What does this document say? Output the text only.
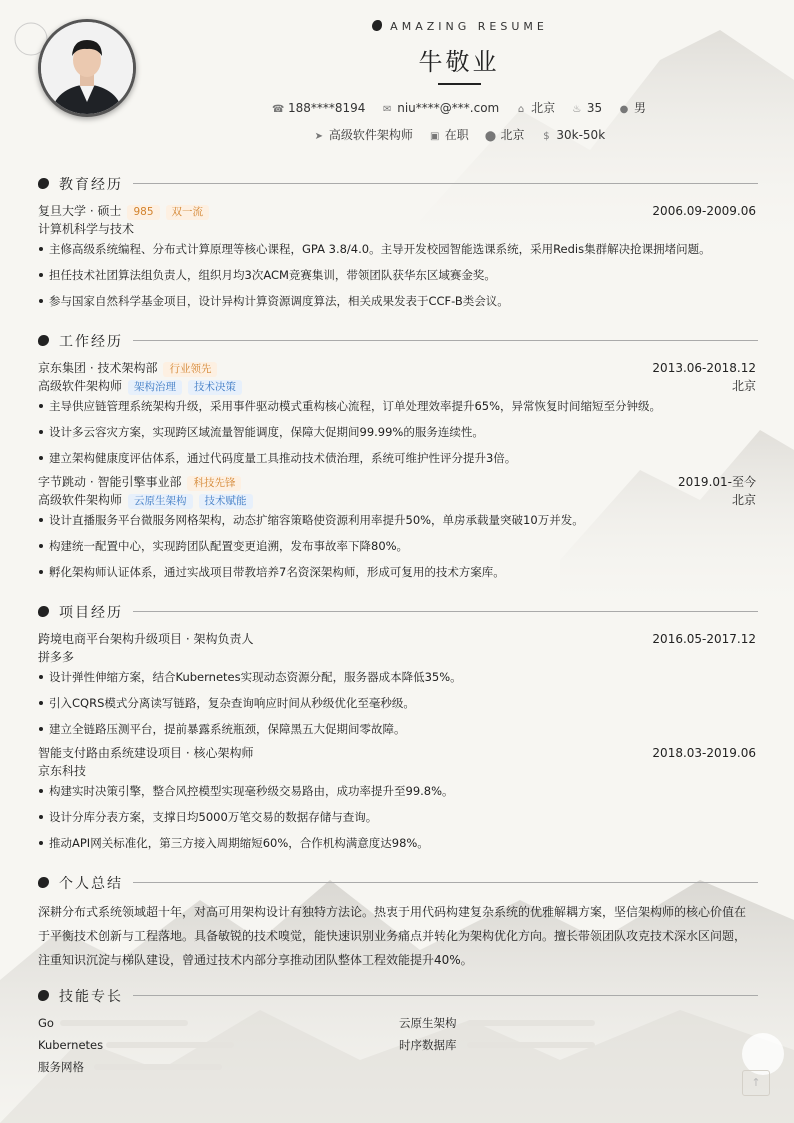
AMAZING RESUME
牛敬业
☎ 188****8194 ✉ niu****@***.com ⌂ 北京 ♨ 35 ● 男
➤ 高级软件架构师 ▣ 在职 ⬤ 北京 $ 30k-50k
教育经历
复旦大学 · 硕士 985 双一流	2006.09-2009.06
计算机科学与技术
主修高级系统编程、分布式计算原理等核心课程，GPA 3.8/4.0。主导开发校园智能选课系统，采用Redis集群解决抢课拥堵问题。
担任技术社团算法组负责人，组织月均3次ACM竞赛集训，带领团队获华东区域赛金奖。
参与国家自然科学基金项目，设计异构计算资源调度算法，相关成果发表于CCF-B类会议。
工作经历
京东集团 · 技术架构部 行业领先	2013.06-2018.12
高级软件架构师 架构治理 技术决策	北京
主导供应链管理系统架构升级，采用事件驱动模式重构核心流程，订单处理效率提升65%，异常恢复时间缩短至分钟级。
设计多云容灾方案，实现跨区域流量智能调度，保障大促期间99.99%的服务连续性。
建立架构健康度评估体系，通过代码度量工具推动技术债治理，系统可维护性评分提升3倍。
字节跳动 · 智能引擎事业部 科技先锋	2019.01-至今
高级软件架构师 云原生架构 技术赋能	北京
设计直播服务平台微服务网格架构，动态扩缩容策略使资源利用率提升50%，单房承载量突破10万并发。
构建统一配置中心，实现跨团队配置变更追溯，发布事故率下降80%。
孵化架构师认证体系，通过实战项目带教培养7名资深架构师，形成可复用的技术方案库。
项目经历
跨境电商平台架构升级项目 · 架构负责人	2016.05-2017.12
拼多多
设计弹性伸缩方案，结合Kubernetes实现动态资源分配，服务器成本降低35%。
引入CQRS模式分离读写链路，复杂查询响应时间从秒级优化至毫秒级。
建立全链路压测平台，提前暴露系统瓶颈，保障黑五大促期间零故障。
智能支付路由系统建设项目 · 核心架构师	2018.03-2019.06
京东科技
构建实时决策引擎，整合风控模型实现毫秒级交易路由，成功率提升至99.8%。
设计分库分表方案，支撑日均5000万笔交易的数据存储与查询。
推动API网关标准化，第三方接入周期缩短60%，合作机构满意度达98%。
个人总结
深耕分布式系统领域超十年，对高可用架构设计有独特方法论。热衷于用代码构建复杂系统的优雅解耦方案，坚信架构师的核心价值在于平衡技术创新与工程落地。具备敏锐的技术嗅觉，能快速识别业务痛点并转化为架构优化方向。擅长带领团队攻克技术深水区问题，注重知识沉淀与梯队建设，曾通过技术内部分享推动团队整体工程效能提升40%。
技能专长
Go	云原生架构
Kubernetes	时序数据库
服务网格
↑
